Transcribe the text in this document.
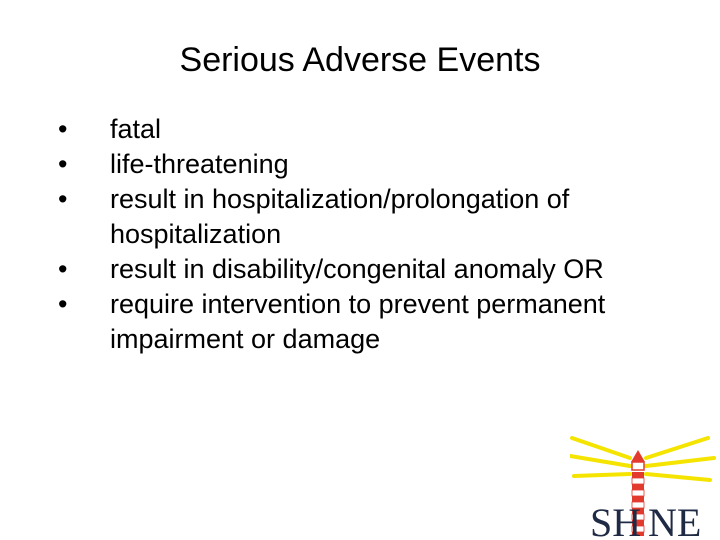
Serious Adverse Events
•	fatal
•	life-threatening
•	result in hospitalization/prolongation of hospitalization
•	result in disability/congenital anomaly OR
•	require intervention to prevent permanent impairment or damage
SH NE
